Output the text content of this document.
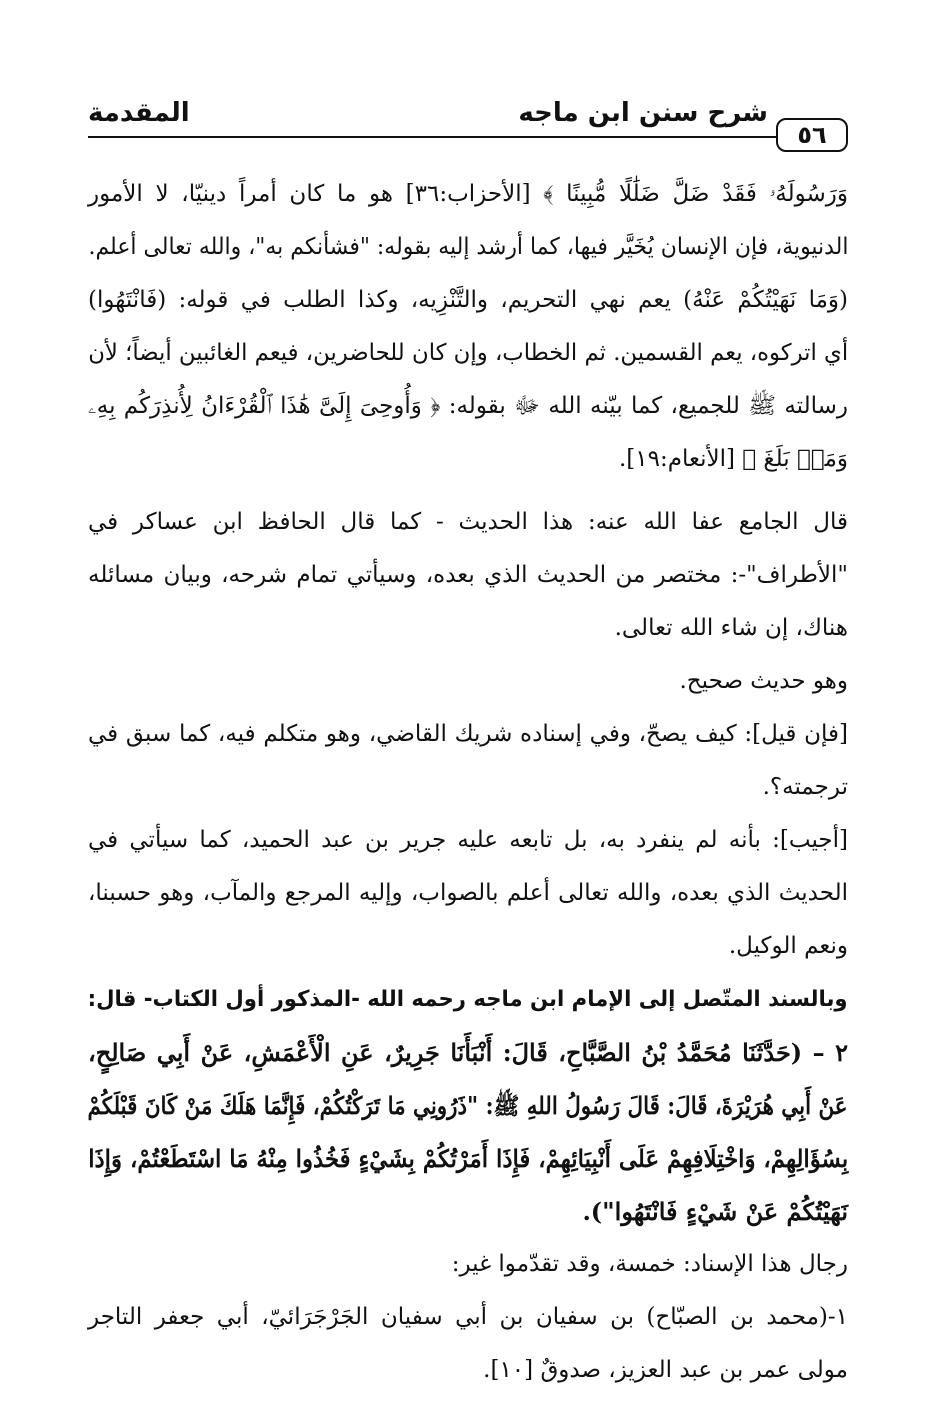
٥٦
شرح سنن ابن ماجه
المقدمة
وَرَسُولَهُۥ فَقَدْ ضَلَّ ضَلَٰلًا مُّبِينًا ﴾ [الأحزاب:٣٦] هو ما كان أمراً دينيّا، لا الأمور
الدنيوية، فإن الإنسان يُخَيَّر فيها، كما أرشد إليه بقوله: "فشأنكم به"، والله تعالى أعلم.
(وَمَا نَهَيْتُكُمْ عَنْهُ) يعم نهي التحريم، والتَّنْزِيه، وكذا الطلب في قوله: (فَانْتَهُوا)
أي اتركوه، يعم القسمين. ثم الخطاب، وإن كان للحاضرين، فيعم الغائبين أيضاً؛ لأن
رسالته ﷺ للجميع، كما بيّنه الله ﷻ بقوله: ﴿ وَأُوحِىَ إِلَىَّ هَٰذَا ٱلْقُرْءَانُ لِأُنذِرَكُم بِهِۦ
وَمَنۢ بَلَغَ ﴾ [الأنعام:١٩].
قال الجامع عفا الله عنه: هذا الحديث - كما قال الحافظ ابن عساكر في
"الأطراف"-: مختصر من الحديث الذي بعده، وسيأتي تمام شرحه، وبيان مسائله
هناك، إن شاء الله تعالى.
وهو حديث صحيح.
[فإن قيل]: كيف يصحّ، وفي إسناده شريك القاضي، وهو متكلم فيه، كما سبق في
ترجمته؟.
[أجيب]: بأنه لم ينفرد به، بل تابعه عليه جرير بن عبد الحميد، كما سيأتي في
الحديث الذي بعده، والله تعالى أعلم بالصواب، وإليه المرجع والمآب، وهو حسبنا،
ونعم الوكيل.
وبالسند المتّصل إلى الإمام ابن ماجه رحمه الله -المذكور أول الكتاب- قال:
٢ – (حَدَّثَنَا مُحَمَّدُ بْنُ الصَّبَّاحِ، قَالَ: أَنْبَأَنَا جَرِيرٌ، عَنِ الْأَعْمَشِ، عَنْ أَبِي صَالِحٍ،
عَنْ أَبِي هُرَيْرَةَ، قَالَ: قَالَ رَسُولُ اللهِ ﷺ: "ذَرُونِي مَا تَرَكْتُكُمْ، فَإِنَّمَا هَلَكَ مَنْ كَانَ قَبْلَكُمْ
بِسُؤَالِهِمْ، وَاخْتِلَافِهِمْ عَلَى أَنْبِيَائِهِمْ، فَإِذَا أَمَرْتُكُمْ بِشَيْءٍ فَخُذُوا مِنْهُ مَا اسْتَطَعْتُمْ، وَإِذَا
نَهَيْتُكُمْ عَنْ شَيْءٍ فَانْتَهُوا").
رجال هذا الإسناد: خمسة، وقد تقدّموا غير:
١-(محمد بن الصبّاح) بن سفيان بن أبي سفيان الجَرْجَرَائيّ، أبي جعفر التاجر
مولى عمر بن عبد العزيز، صدوقٌ [١٠].
